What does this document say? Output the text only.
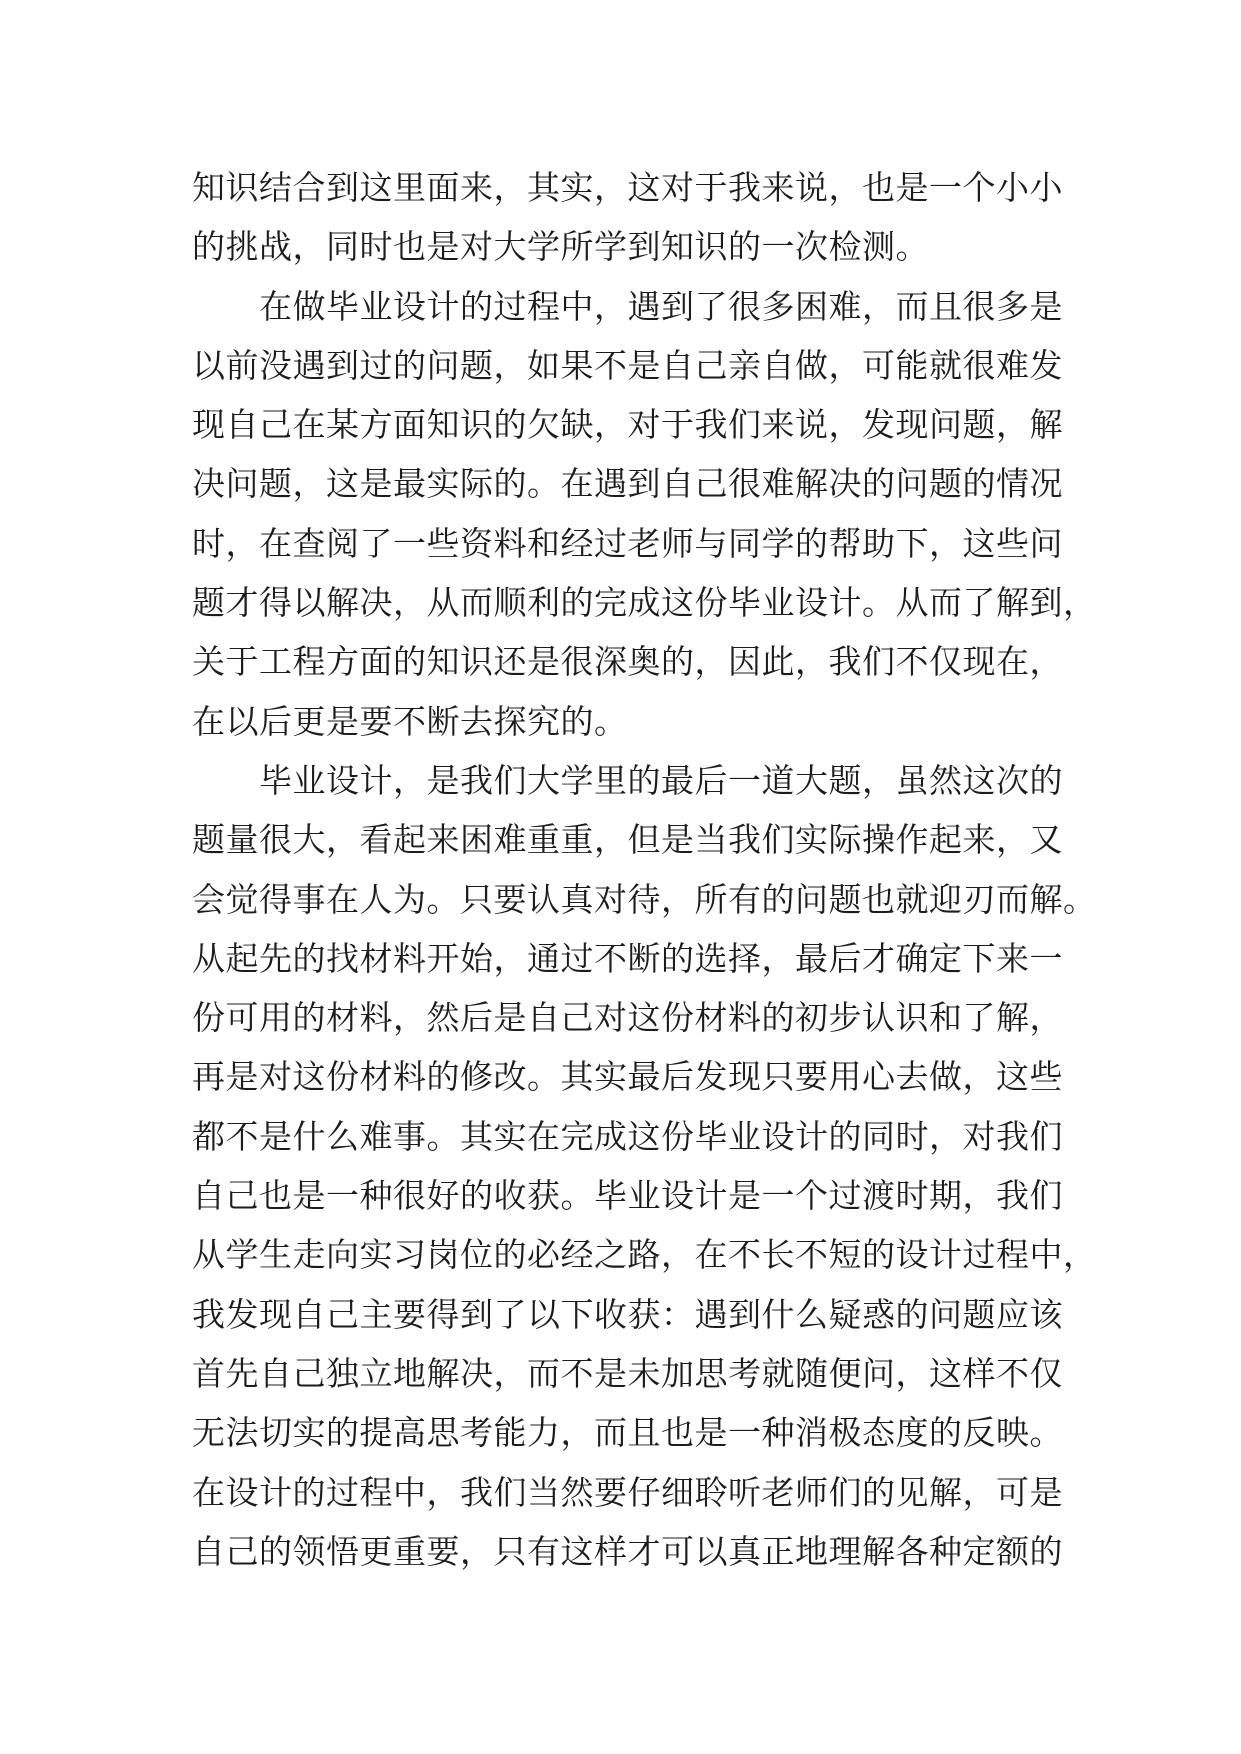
知识结合到这里面来，其实，这对于我来说，也是一个小小
的挑战，同时也是对大学所学到知识的一次检测。
　　在做毕业设计的过程中，遇到了很多困难，而且很多是
以前没遇到过的问题，如果不是自己亲自做，可能就很难发
现自己在某方面知识的欠缺，对于我们来说，发现问题，解
决问题，这是最实际的。在遇到自己很难解决的问题的情况
时，在查阅了一些资料和经过老师与同学的帮助下，这些问
题才得以解决，从而顺利的完成这份毕业设计。从而了解到，
关于工程方面的知识还是很深奥的，因此，我们不仅现在，
在以后更是要不断去探究的。
　　毕业设计，是我们大学里的最后一道大题，虽然这次的
题量很大，看起来困难重重，但是当我们实际操作起来，又
会觉得事在人为。只要认真对待，所有的问题也就迎刃而解。
从起先的找材料开始，通过不断的选择，最后才确定下来一
份可用的材料，然后是自己对这份材料的初步认识和了解，
再是对这份材料的修改。其实最后发现只要用心去做，这些
都不是什么难事。其实在完成这份毕业设计的同时，对我们
自己也是一种很好的收获。毕业设计是一个过渡时期，我们
从学生走向实习岗位的必经之路，在不长不短的设计过程中，
我发现自己主要得到了以下收获：遇到什么疑惑的问题应该
首先自己独立地解决，而不是未加思考就随便问，这样不仅
无法切实的提高思考能力，而且也是一种消极态度的反映。
在设计的过程中，我们当然要仔细聆听老师们的见解，可是
自己的领悟更重要，只有这样才可以真正地理解各种定额的
